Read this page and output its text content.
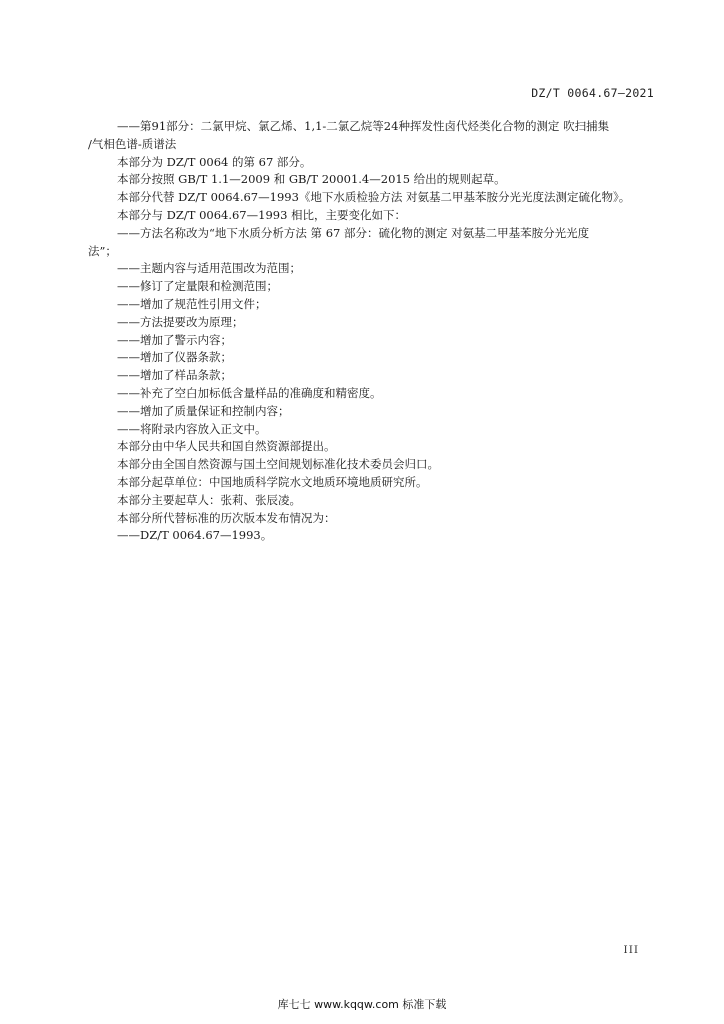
DZ/T 0064.67—2021
——第91部分：二氯甲烷、氯乙烯、1,1-二氯乙烷等24种挥发性卤代烃类化合物的测定 吹扫捕集
/气相色谱-质谱法
本部分为 DZ/T 0064 的第 67 部分。
本部分按照 GB/T 1.1—2009 和 GB/T 20001.4—2015 给出的规则起草。
本部分代替 DZ/T 0064.67—1993《地下水质检验方法 对氨基二甲基苯胺分光光度法测定硫化物》。
本部分与 DZ/T 0064.67—1993 相比，主要变化如下：
——方法名称改为“地下水质分析方法 第 67 部分：硫化物的测定 对氨基二甲基苯胺分光光度
法”；
——主题内容与适用范围改为范围；
——修订了定量限和检测范围；
——增加了规范性引用文件；
——方法提要改为原理；
——增加了警示内容；
——增加了仪器条款；
——增加了样品条款；
——补充了空白加标低含量样品的准确度和精密度。
——增加了质量保证和控制内容；
——将附录内容放入正文中。
本部分由中华人民共和国自然资源部提出。
本部分由全国自然资源与国土空间规划标准化技术委员会归口。
本部分起草单位：中国地质科学院水文地质环境地质研究所。
本部分主要起草人：张莉、张辰凌。
本部分所代替标准的历次版本发布情况为：
——DZ/T 0064.67—1993。
III
库七七 www.kqqw.com 标准下载
